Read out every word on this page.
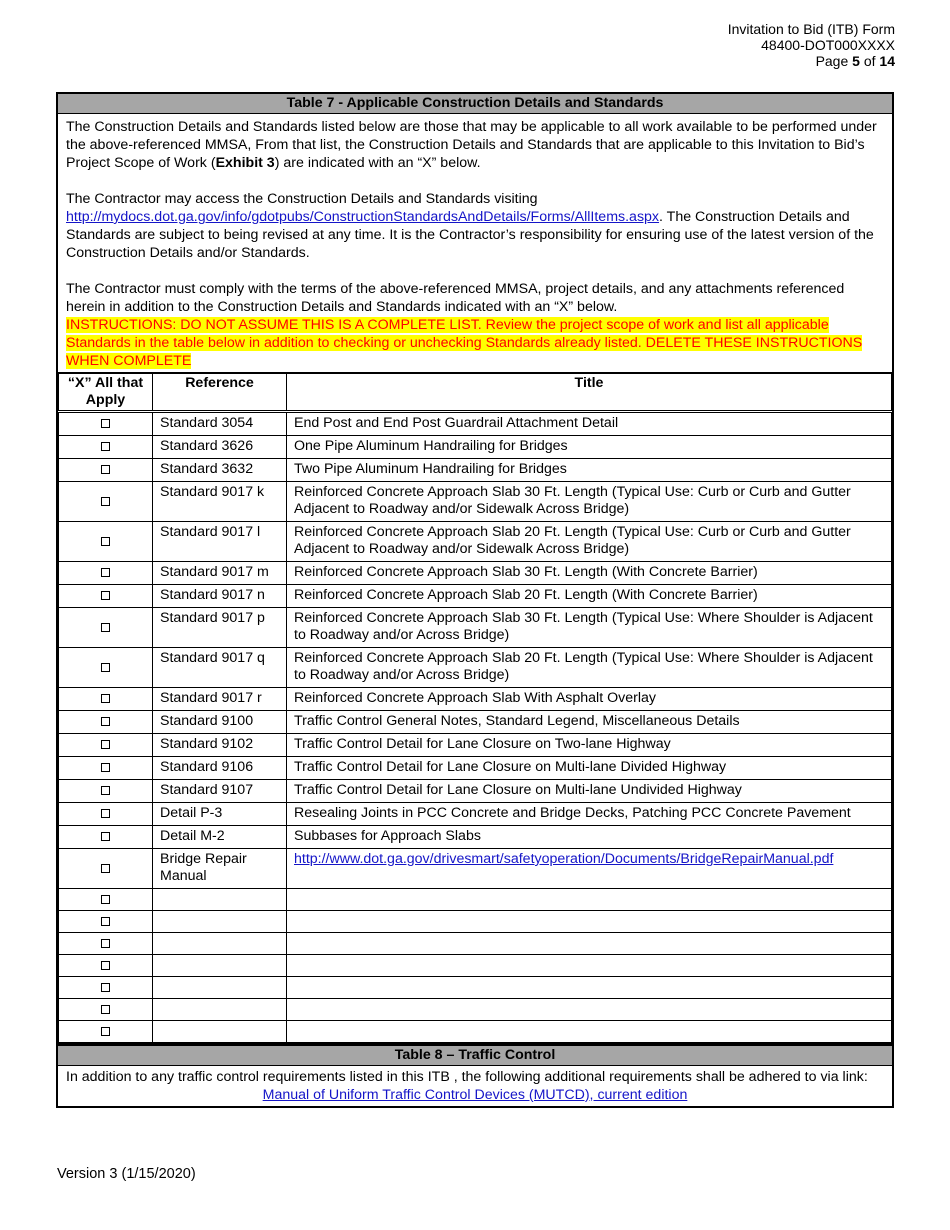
Invitation to Bid (ITB) Form
48400-DOT000XXXX
Page 5 of 14
Table 7 - Applicable Construction Details and Standards

The Construction Details and Standards listed below are those that may be applicable to all work available to be performed under the above-referenced MMSA, From that list, the Construction Details and Standards that are applicable to this Invitation to Bid’s Project Scope of Work (Exhibit 3) are indicated with an “X” below.

The Contractor may access the Construction Details and Standards visiting
http://mydocs.dot.ga.gov/info/gdotpubs/ConstructionStandardsAndDetails/Forms/AllItems.aspx. The Construction Details and Standards are subject to being revised at any time. It is the Contractor’s responsibility for ensuring use of the latest version of the Construction Details and/or Standards.

The Contractor must comply with the terms of the above-referenced MMSA, project details, and any attachments referenced herein in addition to the Construction Details and Standards indicated with an “X” below.

INSTRUCTIONS: DO NOT ASSUME THIS IS A COMPLETE LIST. Review the project scope of work and list all applicable Standards in the table below in addition to checking or unchecking Standards already listed. DELETE THESE INSTRUCTIONS WHEN COMPLETE

“X” All that Apply	Reference	Title
	Standard 3054	End Post and End Post Guardrail Attachment Detail
	Standard 3626	One Pipe Aluminum Handrailing for Bridges
	Standard 3632	Two Pipe Aluminum Handrailing for Bridges
	Standard 9017 k	Reinforced Concrete Approach Slab 30 Ft. Length (Typical Use: Curb or Curb and Gutter Adjacent to Roadway and/or Sidewalk Across Bridge)
	Standard 9017 l	Reinforced Concrete Approach Slab 20 Ft. Length (Typical Use: Curb or Curb and Gutter Adjacent to Roadway and/or Sidewalk Across Bridge)
	Standard 9017 m	Reinforced Concrete Approach Slab 30 Ft. Length (With Concrete Barrier)
	Standard 9017 n	Reinforced Concrete Approach Slab 20 Ft. Length (With Concrete Barrier)
	Standard 9017 p	Reinforced Concrete Approach Slab 30 Ft. Length (Typical Use: Where Shoulder is Adjacent to Roadway and/or Across Bridge)
	Standard 9017 q	Reinforced Concrete Approach Slab 20 Ft. Length (Typical Use: Where Shoulder is Adjacent to Roadway and/or Across Bridge)
	Standard 9017 r	Reinforced Concrete Approach Slab With Asphalt Overlay
	Standard 9100	Traffic Control General Notes, Standard Legend, Miscellaneous Details
	Standard 9102	Traffic Control Detail for Lane Closure on Two-lane Highway
	Standard 9106	Traffic Control Detail for Lane Closure on Multi-lane Divided Highway
	Standard 9107	Traffic Control Detail for Lane Closure on Multi-lane Undivided Highway
	Detail P-3	Resealing Joints in PCC Concrete and Bridge Decks, Patching PCC Concrete Pavement
	Detail M-2	Subbases for Approach Slabs
	Bridge Repair Manual	http://www.dot.ga.gov/drivesmart/safetyoperation/Documents/BridgeRepairManual.pdf

Table 8 – Traffic Control
In addition to any traffic control requirements listed in this ITB , the following additional requirements shall be adhered to via link:
Manual of Uniform Traffic Control Devices (MUTCD), current edition
Version 3 (1/15/2020)
